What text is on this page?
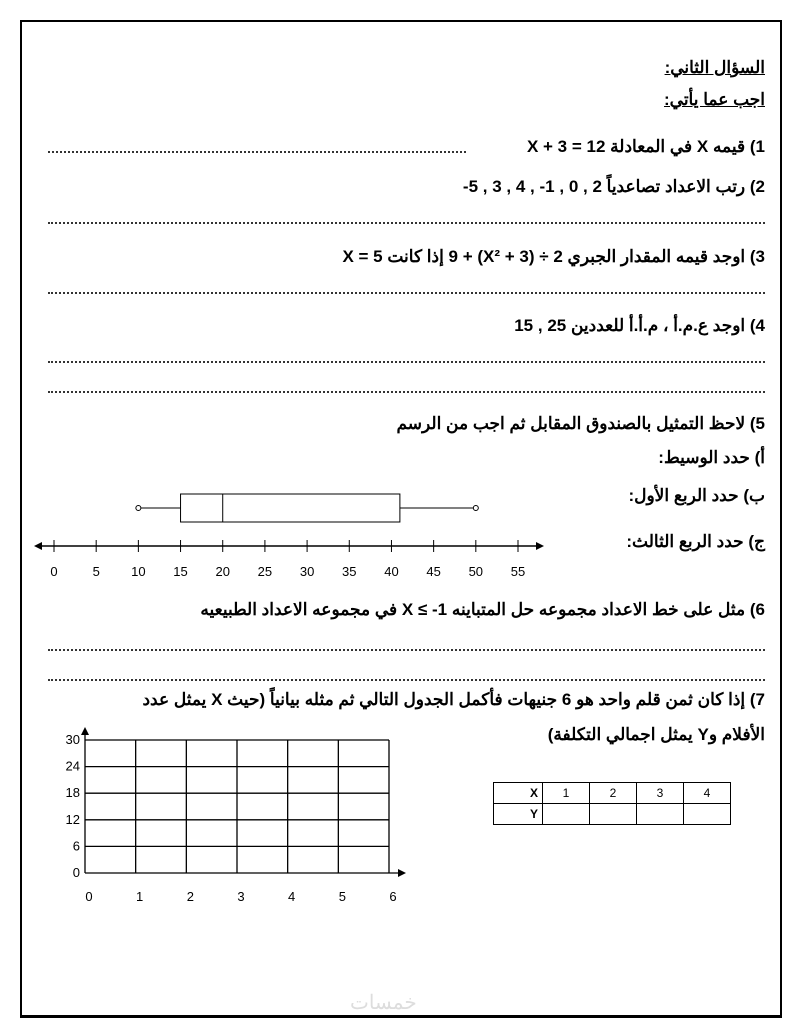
السؤال الثاني:
اجب عما يأتي:
1) قيمه X في المعادلة 12 = 3 + X
2) رتب الاعداد تصاعدياً 2 , 0 , 1- , 4 , 3 , 5-
3) اوجد قيمه المقدار الجبري 2 ÷ (3 + X²) + 9 إذا كانت 5 = X
4) اوجد ع.م.أ ، م.أ.أ للعددين 25 , 15
5) لاحظ التمثيل بالصندوق المقابل ثم اجب من الرسم
أ) حدد الوسيط:
ب) حدد الربع الأول:
ج) حدد الربع الثالث:
0	5 10 15 20 25 30 35 40 45 50 55
0	1	2	3	4	5	6
0
6
12
18
24
30
6) مثل على خط الاعداد مجموعه حل المتباينه 1- ≥ X في مجموعه الاعداد الطبيعيه
7) إذا كان ثمن قلم واحد هو 6 جنيهات فأكمل الجدول التالي ثم مثله بيانياً (حيث X يمثل عدد
الأفلام وY يمثل اجمالي التكلفة)
X	1	2	3	4
Y				
خمسات
